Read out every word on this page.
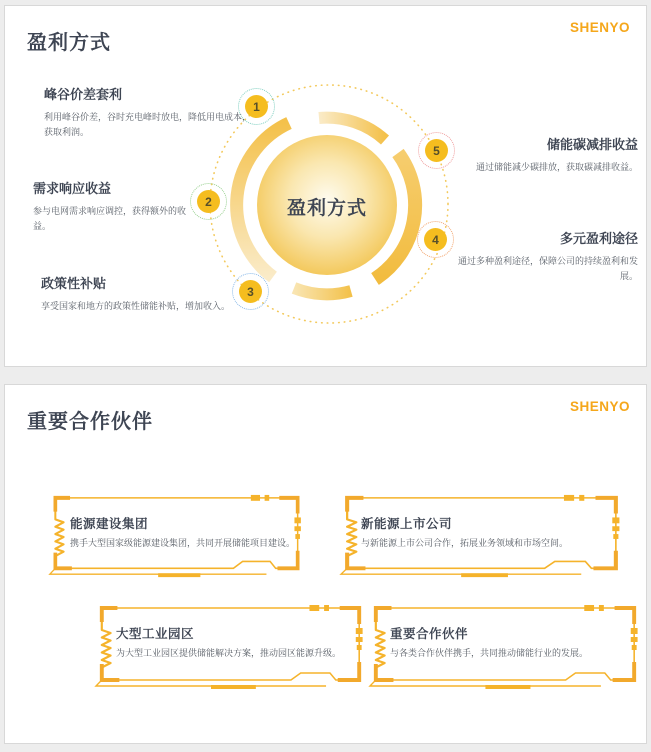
盈利方式
SHENYO
盈利方式
1
2
3
4
5
峰谷价差套利
利用峰谷价差，谷时充电峰时放电，降低用电成本，获取利润。
需求响应收益
参与电网需求响应调控，获得额外的收益。
政策性补贴
享受国家和地方的政策性储能补贴，增加收入。
储能碳减排收益
通过储能减少碳排放，获取碳减排收益。
多元盈利途径
通过多种盈利途径，保障公司的持续盈利和发展。
重要合作伙伴
SHENYO
能源建设集团
携手大型国家级能源建设集团，共同开展储能项目建设。
新能源上市公司
与新能源上市公司合作，拓展业务领域和市场空间。
大型工业园区
为大型工业园区提供储能解决方案，推动园区能源升级。
重要合作伙伴
与各类合作伙伴携手，共同推动储能行业的发展。
